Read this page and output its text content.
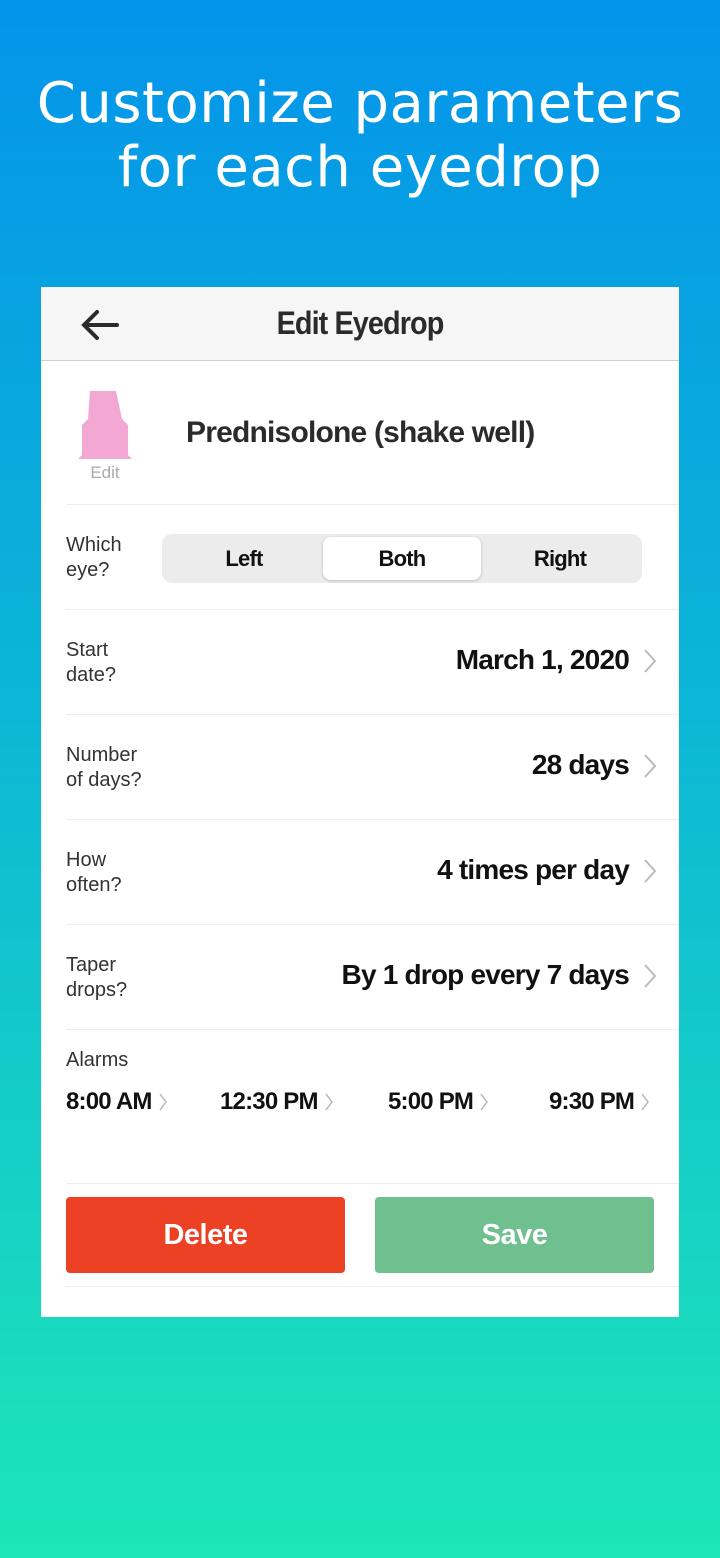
Customize parameters
for each eyedrop
Edit Eyedrop
Edit
Prednisolone (shake well)
Which
eye?	Left	Both	Right
Start
date?	March 1, 2020
Number
of days?	28 days
How
often?	4 times per day
Taper
drops?	By 1 drop every 7 days
Alarms
8:00 AM	12:30 PM	5:00 PM	9:30 PM
Delete	Save
